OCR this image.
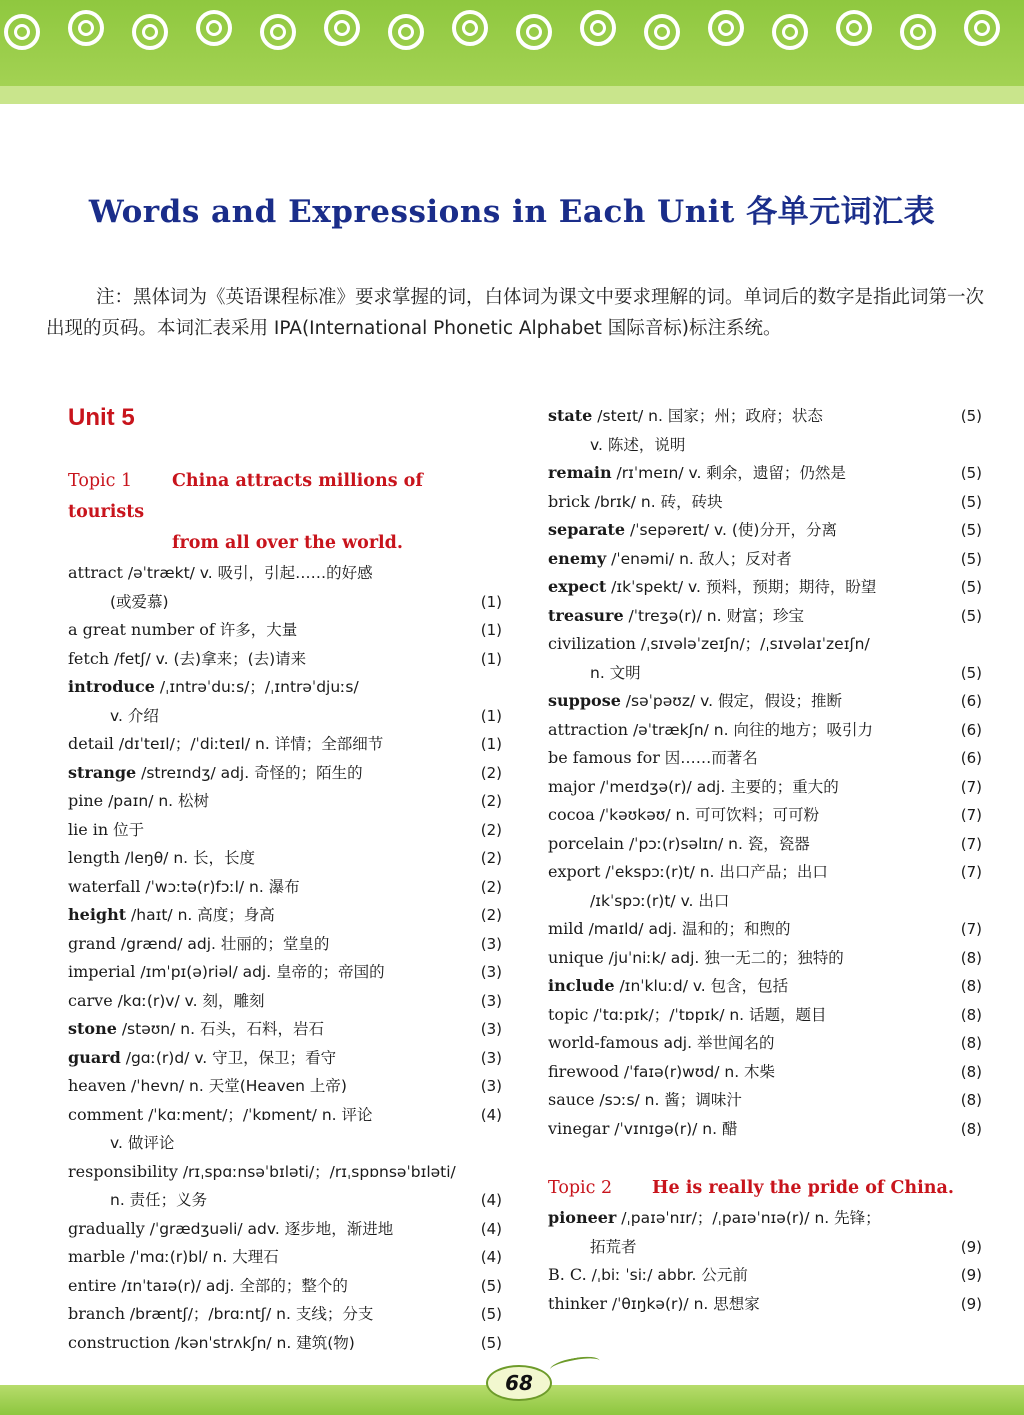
Words and Expressions in Each Unit 各单元词汇表
注：黑体词为《英语课程标准》要求掌握的词，白体词为课文中要求理解的词。单词后的数字是指此词第一次出现的页码。本词汇表采用 IPA(International Phonetic Alphabet 国际音标)标注系统。
Unit 5
Topic 1 China attracts millions of tourists
from all over the world.
attract /əˈtrækt/ v. 吸引，引起……的好感
(或爱慕)	(1)
a great number of 许多，大量	(1)
fetch /fetʃ/ v. (去)拿来；(去)请来	(1)
introduce /ˌɪntrəˈduːs/；/ˌɪntrəˈdjuːs/
v. 介绍	(1)
detail /dɪˈteɪl/；/ˈdiːteɪl/ n. 详情；全部细节	(1)
strange /streɪndʒ/ adj. 奇怪的；陌生的	(2)
pine /paɪn/ n. 松树	(2)
lie in 位于	(2)
length /leŋθ/ n. 长，长度	(2)
waterfall /ˈwɔːtə(r)fɔːl/ n. 瀑布	(2)
height /haɪt/ n. 高度；身高	(2)
grand /grænd/ adj. 壮丽的；堂皇的	(3)
imperial /ɪmˈpɪ(ə)riəl/ adj. 皇帝的；帝国的	(3)
carve /kɑː(r)v/ v. 刻，雕刻	(3)
stone /stəʊn/ n. 石头，石料，岩石	(3)
guard /gɑː(r)d/ v. 守卫，保卫；看守	(3)
heaven /ˈhevn/ n. 天堂(Heaven 上帝)	(3)
comment /ˈkɑːment/；/ˈkɒment/ n. 评论	(4)
v. 做评论
responsibility /rɪˌspɑːnsəˈbɪləti/；/rɪˌspɒnsəˈbɪləti/
n. 责任；义务	(4)
gradually /ˈgrædʒuəli/ adv. 逐步地，渐进地	(4)
marble /ˈmɑː(r)bl/ n. 大理石	(4)
entire /ɪnˈtaɪə(r)/ adj. 全部的；整个的	(5)
branch /bræntʃ/；/brɑːntʃ/ n. 支线；分支	(5)
construction /kənˈstrʌkʃn/ n. 建筑(物)	(5)
state /steɪt/ n. 国家；州；政府；状态	(5)
v. 陈述，说明
remain /rɪˈmeɪn/ v. 剩余，遗留；仍然是	(5)
brick /brɪk/ n. 砖，砖块	(5)
separate /ˈsepəreɪt/ v. (使)分开，分离	(5)
enemy /ˈenəmi/ n. 敌人；反对者	(5)
expect /ɪkˈspekt/ v. 预料，预期；期待，盼望	(5)
treasure /ˈtreʒə(r)/ n. 财富；珍宝	(5)
civilization /ˌsɪvələˈzeɪʃn/；/ˌsɪvəlaɪˈzeɪʃn/
n. 文明	(5)
suppose /səˈpəʊz/ v. 假定，假设；推断	(6)
attraction /əˈtrækʃn/ n. 向往的地方；吸引力	(6)
be famous for 因……而著名	(6)
major /ˈmeɪdʒə(r)/ adj. 主要的；重大的	(7)
cocoa /ˈkəʊkəʊ/ n. 可可饮料；可可粉	(7)
porcelain /ˈpɔː(r)səlɪn/ n. 瓷，瓷器	(7)
export /ˈekspɔː(r)t/ n. 出口产品；出口	(7)
/ɪkˈspɔː(r)t/ v. 出口
mild /maɪld/ adj. 温和的；和煦的	(7)
unique /juˈniːk/ adj. 独一无二的；独特的	(8)
include /ɪnˈkluːd/ v. 包含，包括	(8)
topic /ˈtɑːpɪk/；/ˈtɒpɪk/ n. 话题，题目	(8)
world-famous adj. 举世闻名的	(8)
firewood /ˈfaɪə(r)wʊd/ n. 木柴	(8)
sauce /sɔːs/ n. 酱；调味汁	(8)
vinegar /ˈvɪnɪgə(r)/ n. 醋	(8)
Topic 2 He is really the pride of China.
pioneer /ˌpaɪəˈnɪr/；/ˌpaɪəˈnɪə(r)/ n. 先锋；
拓荒者	(9)
B. C. /ˌbiː ˈsiː/ abbr. 公元前	(9)
thinker /ˈθɪŋkə(r)/ n. 思想家	(9)
68
